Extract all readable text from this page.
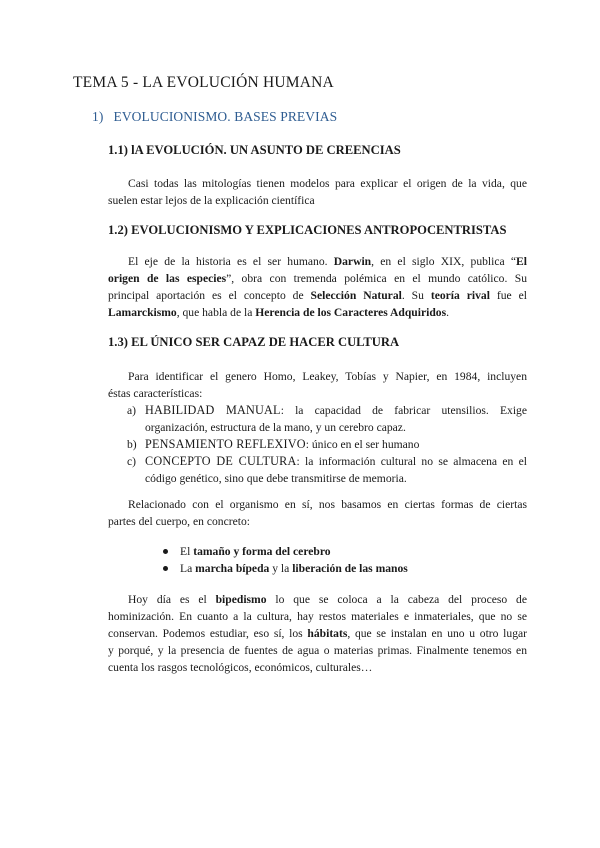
TEMA 5 - LA EVOLUCIÓN HUMANA
1) EVOLUCIONISMO. BASES PREVIAS
1.1) lA EVOLUCIÓN. UN ASUNTO DE CREENCIAS
Casi todas las mitologías tienen modelos para explicar el origen de la vida, que
suelen estar lejos de la explicación científica
1.2) EVOLUCIONISMO Y EXPLICACIONES ANTROPOCENTRISTAS
El eje de la historia es el ser humano. Darwin, en el siglo XIX, publica “El
origen de las especies”, obra con tremenda polémica en el mundo católico. Su
principal aportación es el concepto de Selección Natural. Su teoría rival fue el
Lamarckismo, que habla de la Herencia de los Caracteres Adquiridos.
1.3) EL ÚNICO SER CAPAZ DE HACER CULTURA
Para identificar el genero Homo, Leakey, Tobías y Napier, en 1984, incluyen
éstas características:
a) HABILIDAD MANUAL: la capacidad de fabricar utensilios. Exige
organización, estructura de la mano, y un cerebro capaz.
b) PENSAMIENTO REFLEXIVO: único en el ser humano
c) CONCEPTO DE CULTURA: la información cultural no se almacena en el
código genético, sino que debe transmitirse de memoria.
Relacionado con el organismo en sí, nos basamos en ciertas formas de ciertas
partes del cuerpo, en concreto:
El tamaño y forma del cerebro
La marcha bípeda y la liberación de las manos
Hoy día es el bipedismo lo que se coloca a la cabeza del proceso de
hominización. En cuanto a la cultura, hay restos materiales e inmateriales, que no se
conservan. Podemos estudiar, eso sí, los hábitats, que se instalan en uno u otro lugar
y porqué, y la presencia de fuentes de agua o materias primas. Finalmente tenemos en
cuenta los rasgos tecnológicos, económicos, culturales…
